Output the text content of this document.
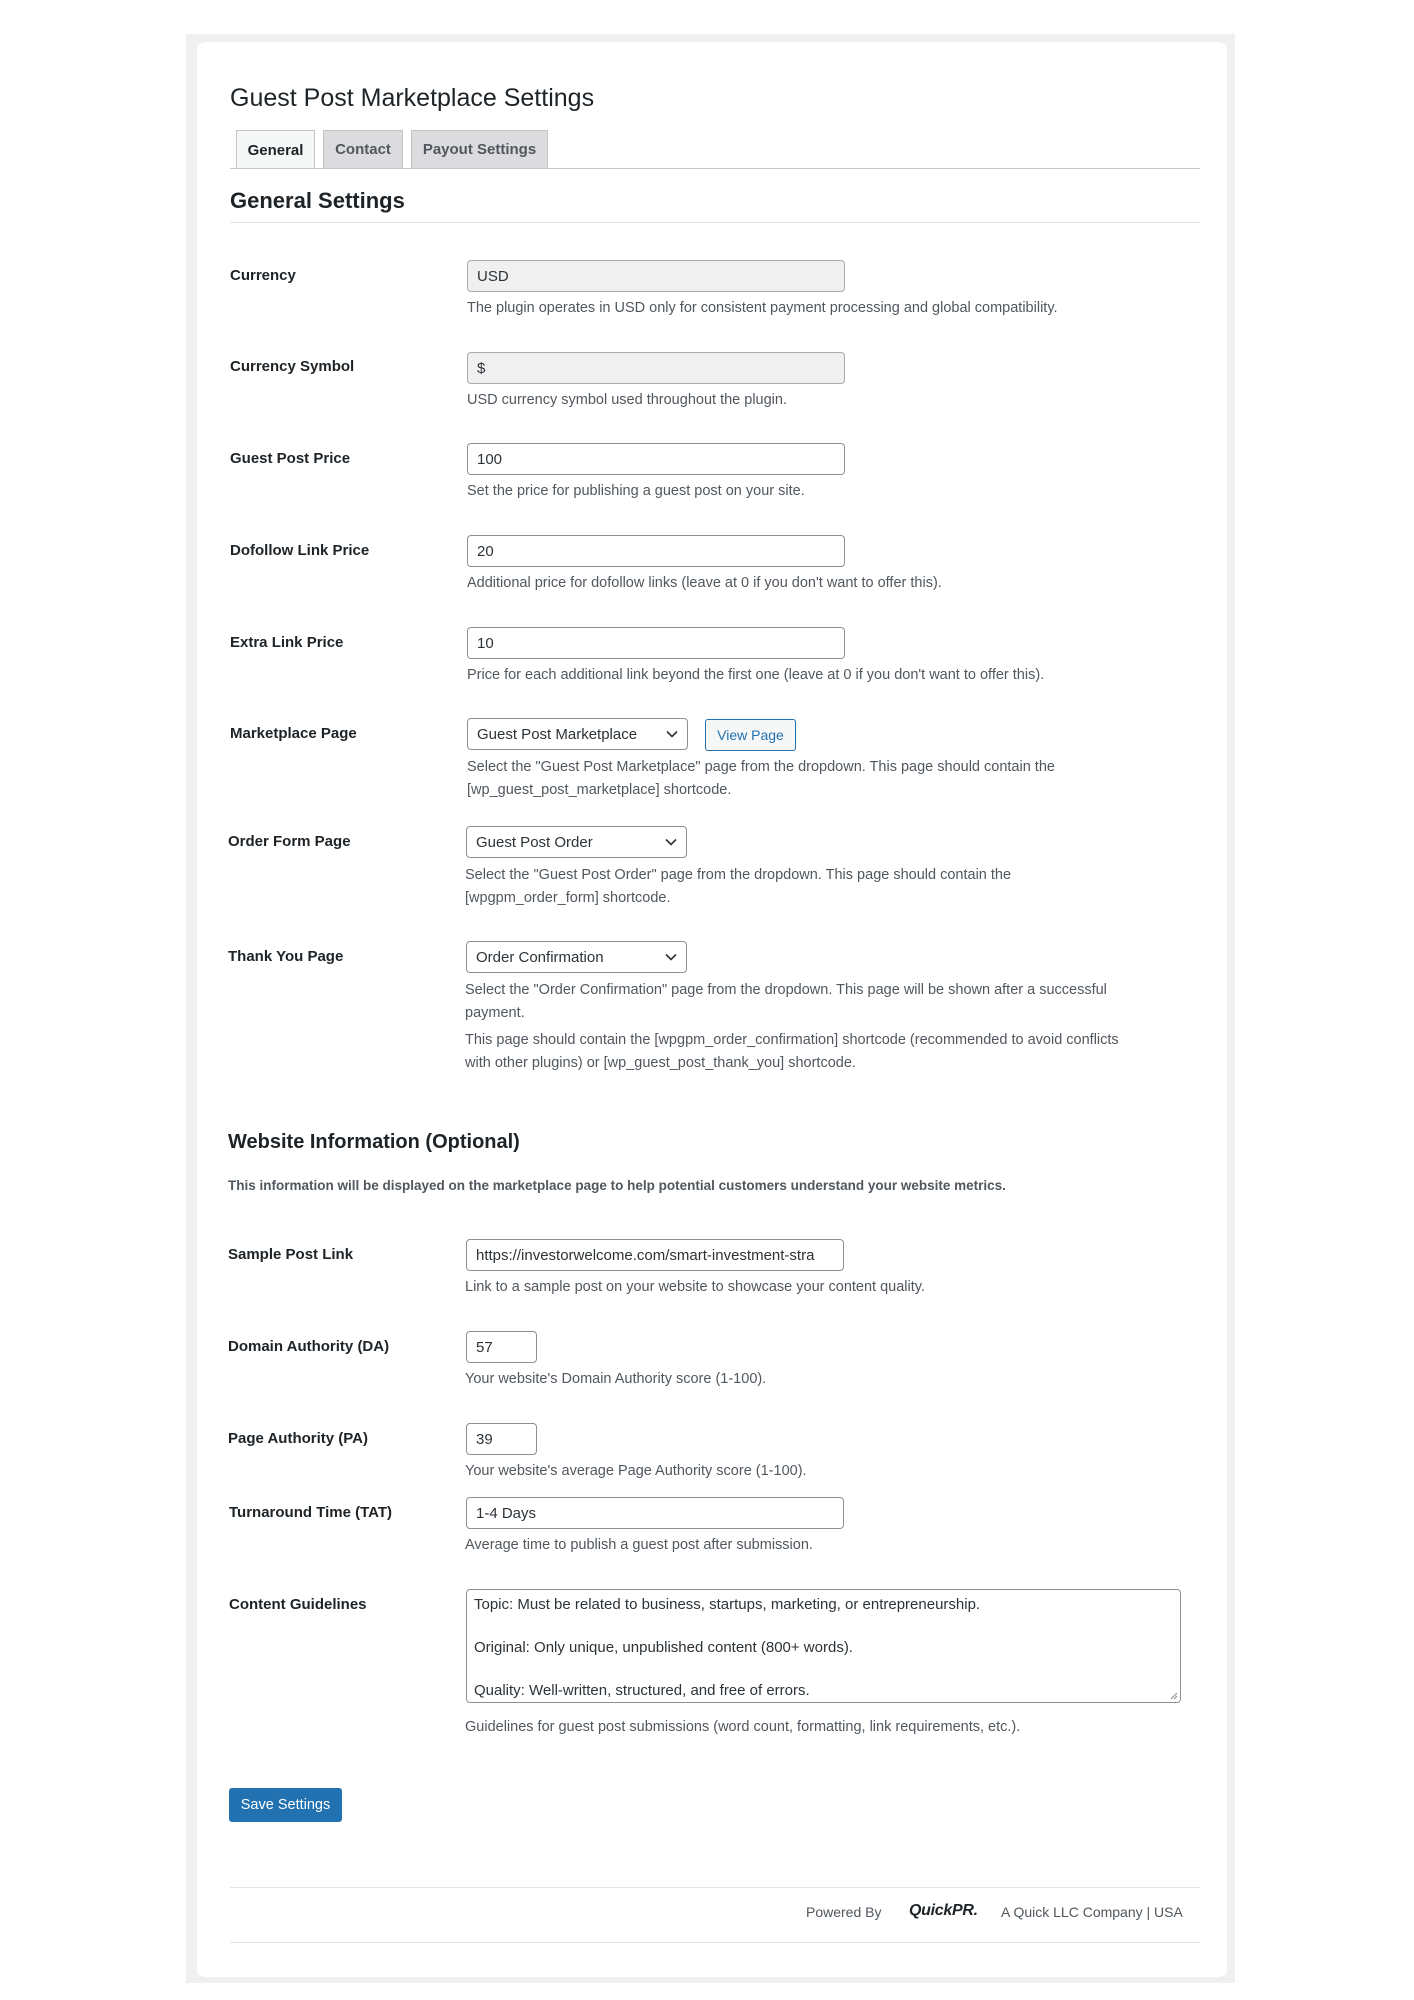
Guest Post Marketplace Settings
General	Contact	Payout Settings
General Settings
Currency	USD
The plugin operates in USD only for consistent payment processing and global compatibility.
Currency Symbol	$
USD currency symbol used throughout the plugin.
Guest Post Price	100
Set the price for publishing a guest post on your site.
Dofollow Link Price	20
Additional price for dofollow links (leave at 0 if you don't want to offer this).
Extra Link Price	10
Price for each additional link beyond the first one (leave at 0 if you don't want to offer this).
Marketplace Page	Guest Post Marketplace	View Page
Select the "Guest Post Marketplace" page from the dropdown. This page should contain the
[wp_guest_post_marketplace] shortcode.
Order Form Page	Guest Post Order
Select the "Guest Post Order" page from the dropdown. This page should contain the
[wpgpm_order_form] shortcode.
Thank You Page	Order Confirmation
Select the "Order Confirmation" page from the dropdown. This page will be shown after a successful
payment.
This page should contain the [wpgpm_order_confirmation] shortcode (recommended to avoid conflicts
with other plugins) or [wp_guest_post_thank_you] shortcode.
Website Information (Optional)
This information will be displayed on the marketplace page to help potential customers understand your website metrics.
Sample Post Link	https://investorwelcome.com/smart-investment-stra
Link to a sample post on your website to showcase your content quality.
Domain Authority (DA)	57
Your website's Domain Authority score (1-100).
Page Authority (PA)	39
Your website's average Page Authority score (1-100).
Turnaround Time (TAT)	1-4 Days
Average time to publish a guest post after submission.
Content Guidelines	Topic: Must be related to business, startups, marketing, or entrepreneurship.

Original: Only unique, unpublished content (800+ words).

Quality: Well-written, structured, and free of errors.

Guidelines for guest post submissions (word count, formatting, link requirements, etc.).
Save Settings
Powered By QuickPR. A Quick LLC Company | USA
